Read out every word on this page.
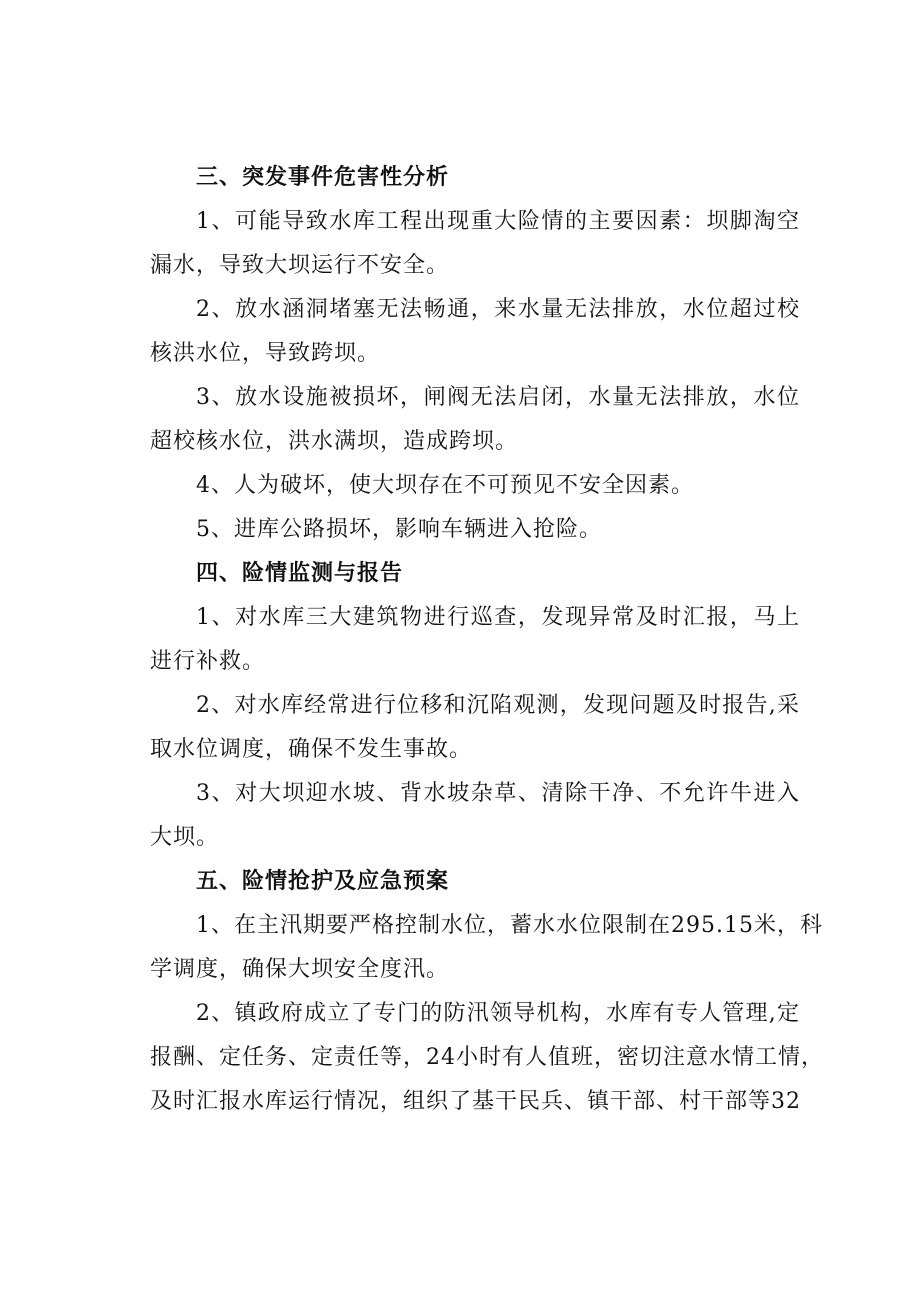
三、突发事件危害性分析

1、可能导致水库工程出现重大险情的主要因素：坝脚淘空

漏水，导致大坝运行不安全。

2、放水涵洞堵塞无法畅通，来水量无法排放，水位超过校

核洪水位，导致跨坝。

3、放水设施被损坏，闸阀无法启闭，水量无法排放，水位

超校核水位，洪水满坝，造成跨坝。

4、人为破坏，使大坝存在不可预见不安全因素。

5、进库公路损坏，影响车辆进入抢险。

四、险情监测与报告

1、对水库三大建筑物进行巡查，发现异常及时汇报，马上

进行补救。

2、对水库经常进行位移和沉陷观测，发现问题及时报告,采

取水位调度，确保不发生事故。

3、对大坝迎水坡、背水坡杂草、清除干净、不允许牛进入

大坝。

五、险情抢护及应急预案

1、在主汛期要严格控制水位，蓄水水位限制在295.15米，科

学调度，确保大坝安全度汛。

2、镇政府成立了专门的防汛领导机构，水库有专人管理,定

报酬、定任务、定责任等，24小时有人值班，密切注意水情工情，

及时汇报水库运行情况，组织了基干民兵、镇干部、村干部等32
